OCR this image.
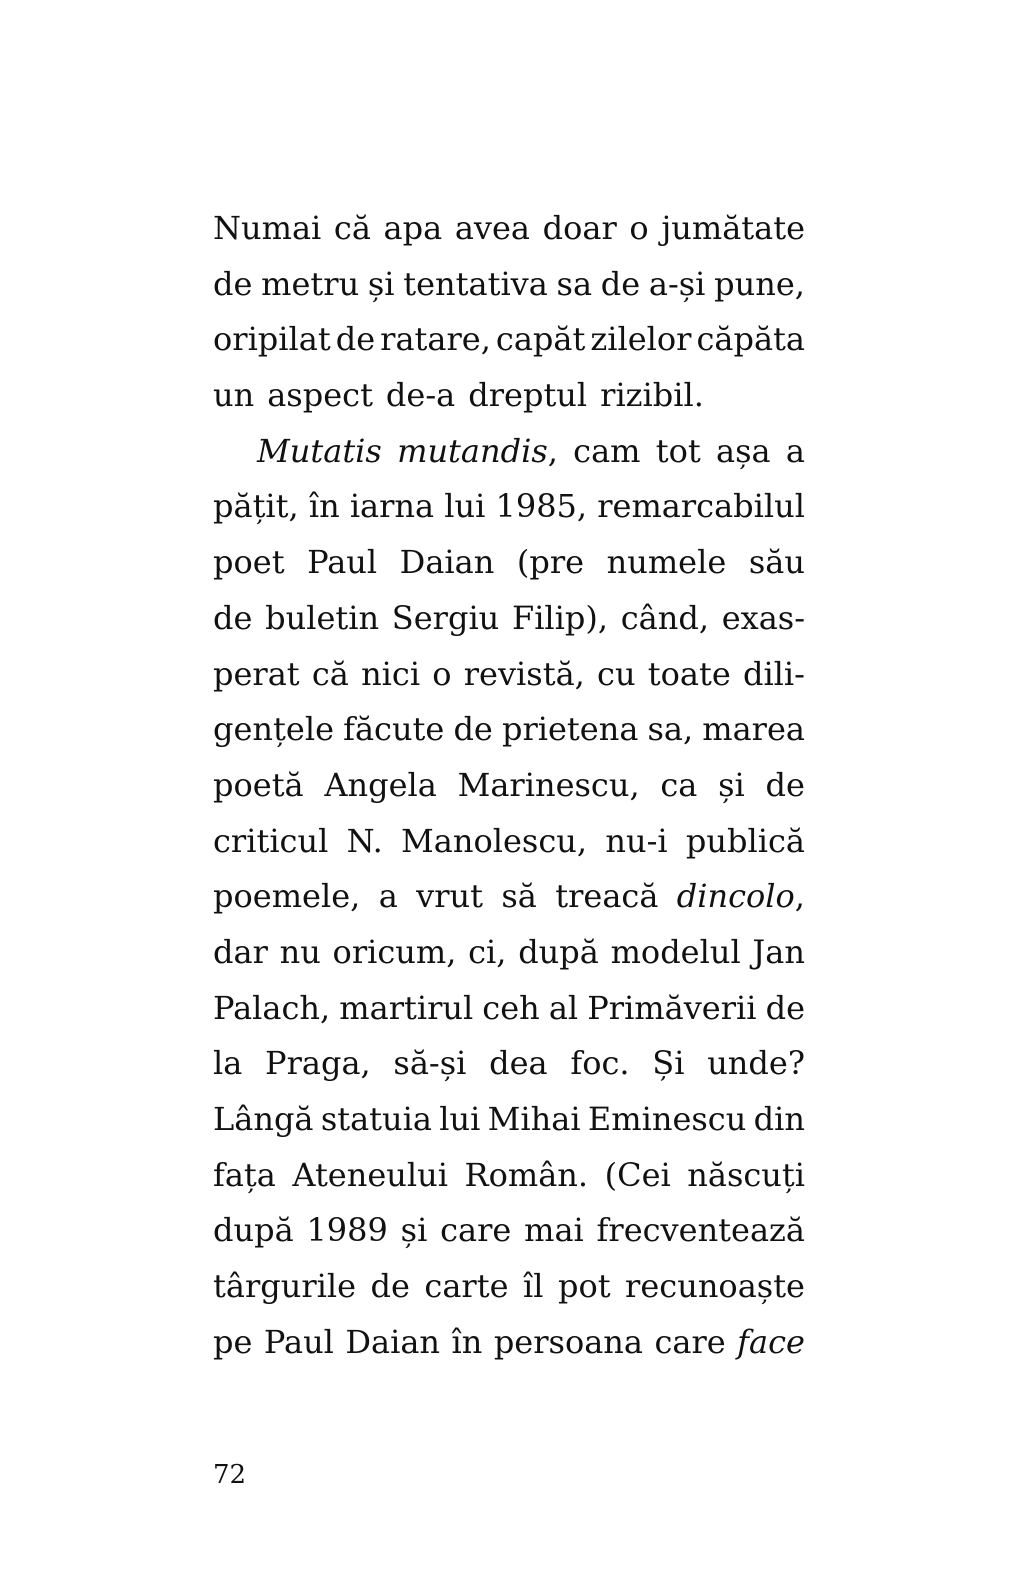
Numai că apa avea doar o jumătate
de metru și tentativa sa de a-și pune,
oripilat de ratare, capăt zilelor căpăta
un aspect de-a dreptul rizibil.
Mutatis mutandis, cam tot așa a
pățit, în iarna lui 1985, remarcabilul
poet Paul Daian (pre numele său
de buletin Sergiu Filip), când, exas-
perat că nici o revistă, cu toate dili-
gențele făcute de prietena sa, marea
poetă Angela Marinescu, ca și de
criticul N. Manolescu, nu-i publică
poemele, a vrut să treacă dincolo,
dar nu oricum, ci, după modelul Jan
Palach, martirul ceh al Primăverii de
la Praga, să-și dea foc. Și unde?
Lângă statuia lui Mihai Eminescu din
fața Ateneului Român. (Cei născuți
după 1989 și care mai frecventează
târgurile de carte îl pot recunoaște
pe Paul Daian în persoana care face
72
